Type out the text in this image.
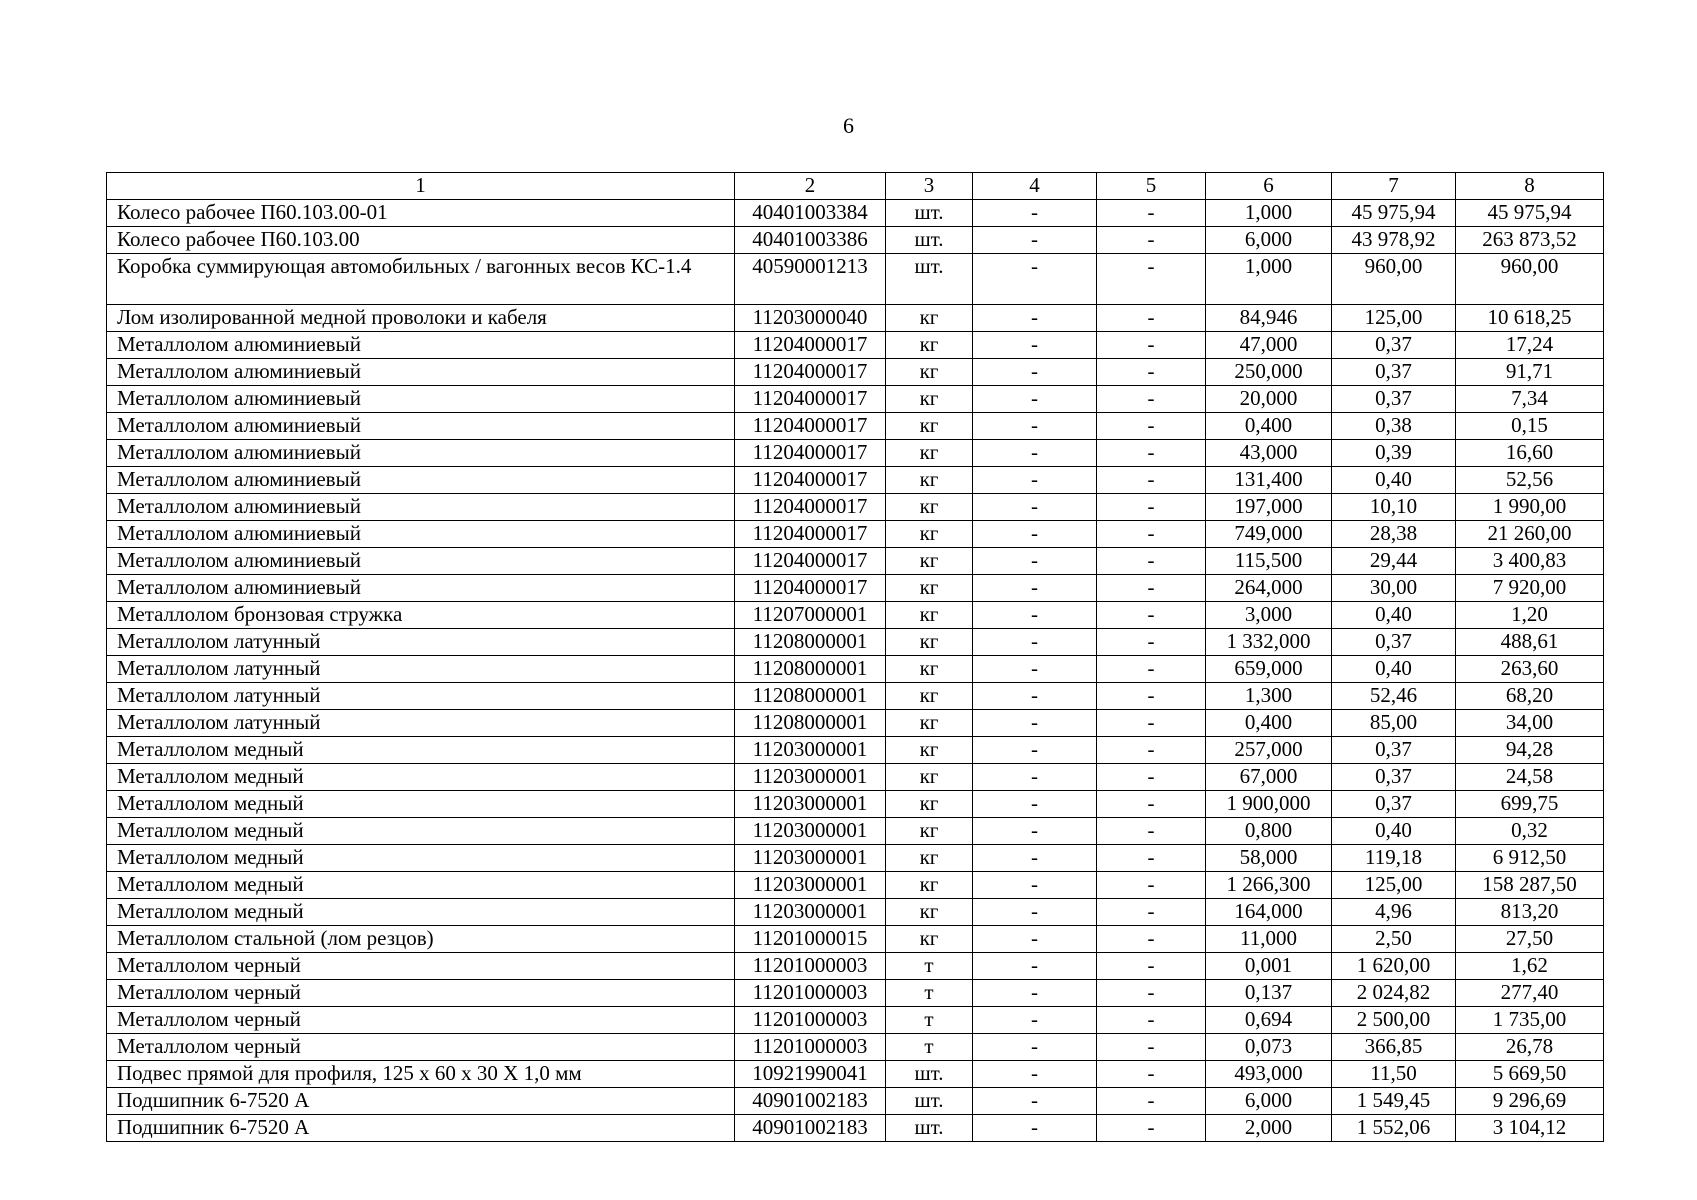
6
1	2	3	4	5	6	7	8
Колесо рабочее П60.103.00-01	40401003384	шт.	-	-	1,000	45 975,94	45 975,94
Колесо рабочее П60.103.00	40401003386	шт.	-	-	6,000	43 978,92	263 873,52
Коробка суммирующая автомобильных / вагонных весов КС-1.4	40590001213	шт.	-	-	1,000	960,00	960,00
Лом изолированной медной проволоки и кабеля	11203000040	кг	-	-	84,946	125,00	10 618,25
Металлолом алюминиевый	11204000017	кг	-	-	47,000	0,37	17,24
Металлолом алюминиевый	11204000017	кг	-	-	250,000	0,37	91,71
Металлолом алюминиевый	11204000017	кг	-	-	20,000	0,37	7,34
Металлолом алюминиевый	11204000017	кг	-	-	0,400	0,38	0,15
Металлолом алюминиевый	11204000017	кг	-	-	43,000	0,39	16,60
Металлолом алюминиевый	11204000017	кг	-	-	131,400	0,40	52,56
Металлолом алюминиевый	11204000017	кг	-	-	197,000	10,10	1 990,00
Металлолом алюминиевый	11204000017	кг	-	-	749,000	28,38	21 260,00
Металлолом алюминиевый	11204000017	кг	-	-	115,500	29,44	3 400,83
Металлолом алюминиевый	11204000017	кг	-	-	264,000	30,00	7 920,00
Металлолом бронзовая стружка	11207000001	кг	-	-	3,000	0,40	1,20
Металлолом латунный	11208000001	кг	-	-	1 332,000	0,37	488,61
Металлолом латунный	11208000001	кг	-	-	659,000	0,40	263,60
Металлолом латунный	11208000001	кг	-	-	1,300	52,46	68,20
Металлолом латунный	11208000001	кг	-	-	0,400	85,00	34,00
Металлолом медный	11203000001	кг	-	-	257,000	0,37	94,28
Металлолом медный	11203000001	кг	-	-	67,000	0,37	24,58
Металлолом медный	11203000001	кг	-	-	1 900,000	0,37	699,75
Металлолом медный	11203000001	кг	-	-	0,800	0,40	0,32
Металлолом медный	11203000001	кг	-	-	58,000	119,18	6 912,50
Металлолом медный	11203000001	кг	-	-	1 266,300	125,00	158 287,50
Металлолом медный	11203000001	кг	-	-	164,000	4,96	813,20
Металлолом стальной (лом резцов)	11201000015	кг	-	-	11,000	2,50	27,50
Металлолом черный	11201000003	т	-	-	0,001	1 620,00	1,62
Металлолом черный	11201000003	т	-	-	0,137	2 024,82	277,40
Металлолом черный	11201000003	т	-	-	0,694	2 500,00	1 735,00
Металлолом черный	11201000003	т	-	-	0,073	366,85	26,78
Подвес прямой для профиля, 125 х 60 х 30 Х 1,0 мм	10921990041	шт.	-	-	493,000	11,50	5 669,50
Подшипник 6-7520 А	40901002183	шт.	-	-	6,000	1 549,45	9 296,69
Подшипник 6-7520 А	40901002183	шт.	-	-	2,000	1 552,06	3 104,12
